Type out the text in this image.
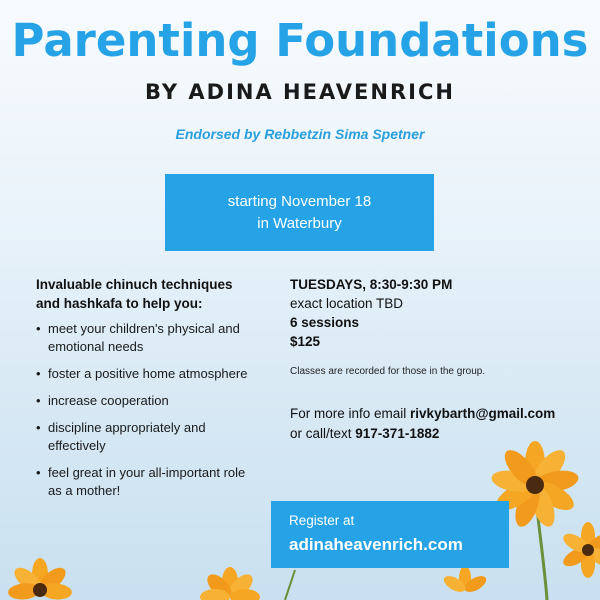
Parenting Foundations
BY ADINA HEAVENRICH
Endorsed by Rebbetzin Sima Spetner
starting November 18
in Waterbury
Invaluable chinuch techniques
and hashkafa to help you:
• meet your children's physical and
emotional needs
• foster a positive home atmosphere
• increase cooperation
• discipline appropriately and
effectively
• feel great in your all-important role
as a mother!
TUESDAYS, 8:30-9:30 PM
exact location TBD
6 sessions
$125
Classes are recorded for those in the group.
For more info email rivkybarth@gmail.com
or call/text 917-371-1882
Register at
adinaheavenrich.com
